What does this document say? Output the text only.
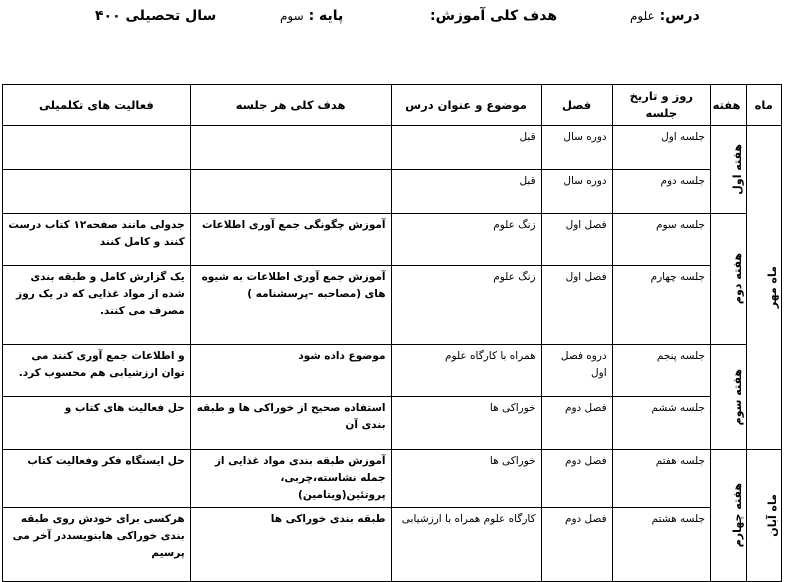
درس: علوم
هدف کلی آموزش:
پایه : سوم
سال تحصیلی ۴۰۰
ماه	هفته	روز و تاریخ جلسه	فصل	موضوع و عنوان درس	هدف کلی هر جلسه	فعالیت های تکلمیلی

ماه مهر	هفته اول	جلسه اول	دوره سال	قبل		
		جلسه دوم	دوره سال	قبل		

	هفته دوم	جلسه سوم	فصل اول	زنگ علوم	آموزش چگونگی جمع آوری اطلاعات	جدولی مانند صفحه۱۲ کتاب درست کنند و کامل کنند
		جلسه چهارم	فصل اول	زنگ علوم	آموزش جمع آوری اطلاعات به شیوه های (مصاحبه –پرسشنامه )	یک گزارش کامل و طبقه بندی شده از مواد غذایی که در یک روز مصرف می کنند.

	هفته سوم	جلسه پنجم	دروه فصل اول	همراه با کارگاه علوم	موضوع داده شود	و اطلاعات جمع آوری کنند می توان ارزشیابی هم محسوب کرد.
		جلسه ششم	فصل دوم	خوراکی ها	استفاده صحیح از خوراکی ها و طبقه بندی آن	حل فعالیت های کتاب و

ماه آبان	هفته چهارم	جلسه هفتم	فصل دوم	خوراکی ها	آموزش طبقه بندی مواد غذایی از جمله نشاسته،چربی، پروتئین(ویتامین)	حل ایستگاه فکر وفعالیت کتاب
		جلسه هشتم	فصل دوم	کارگاه علوم همراه با ارزشیابی	طبقه بندی خوراکی ها	هرکسی برای خودش روی طبقه بندی خوراکی هابنویسددر آخر می پرسیم
